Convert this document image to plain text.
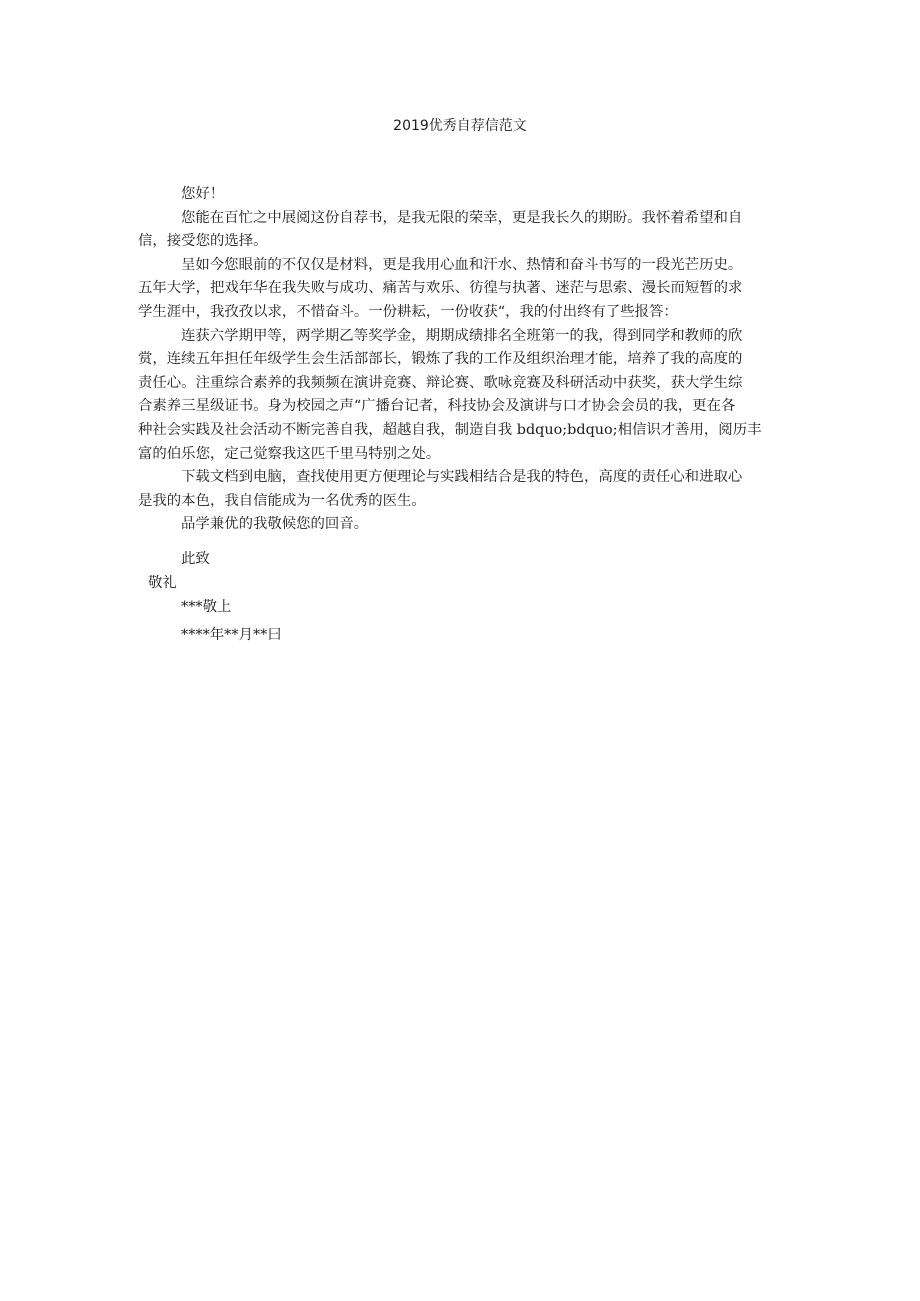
2019优秀自荐信范文
您好！
您能在百忙之中展阅这份自荐书，是我无限的荣幸，更是我长久的期盼。我怀着希望和自
信，接受您的选择。
呈如今您眼前的不仅仅是材料，更是我用心血和汗水、热情和奋斗书写的一段光芒历史。
五年大学，把戏年华在我失败与成功、痛苦与欢乐、彷徨与执著、迷茫与思索、漫长而短暂的求
学生涯中，我孜孜以求，不惜奋斗。一份耕耘，一份收获“，我的付出终有了些报答：
连获六学期甲等，两学期乙等奖学金，期期成绩排名全班第一的我，得到同学和教师的欣
赏，连续五年担任年级学生会生活部部长，锻炼了我的工作及组织治理才能，培养了我的高度的
责任心。注重综合素养的我频频在演讲竞赛、辩论赛、歌咏竞赛及科研活动中获奖，获大学生综
合素养三星级证书。身为校园之声“广播台记者，科技协会及演讲与口才协会会员的我，更在各
种社会实践及社会活动不断完善自我，超越自我，制造自我 bdquo;bdquo;相信识才善用，阅历丰
富的伯乐您，定己觉察我这匹千里马特别之处。
下载文档到电脑，查找使用更方便理论与实践相结合是我的特色，高度的责任心和进取心
是我的本色，我自信能成为一名优秀的医生。
品学兼优的我敬候您的回音。
此致
敬礼
***敬上
****年**月**曰
